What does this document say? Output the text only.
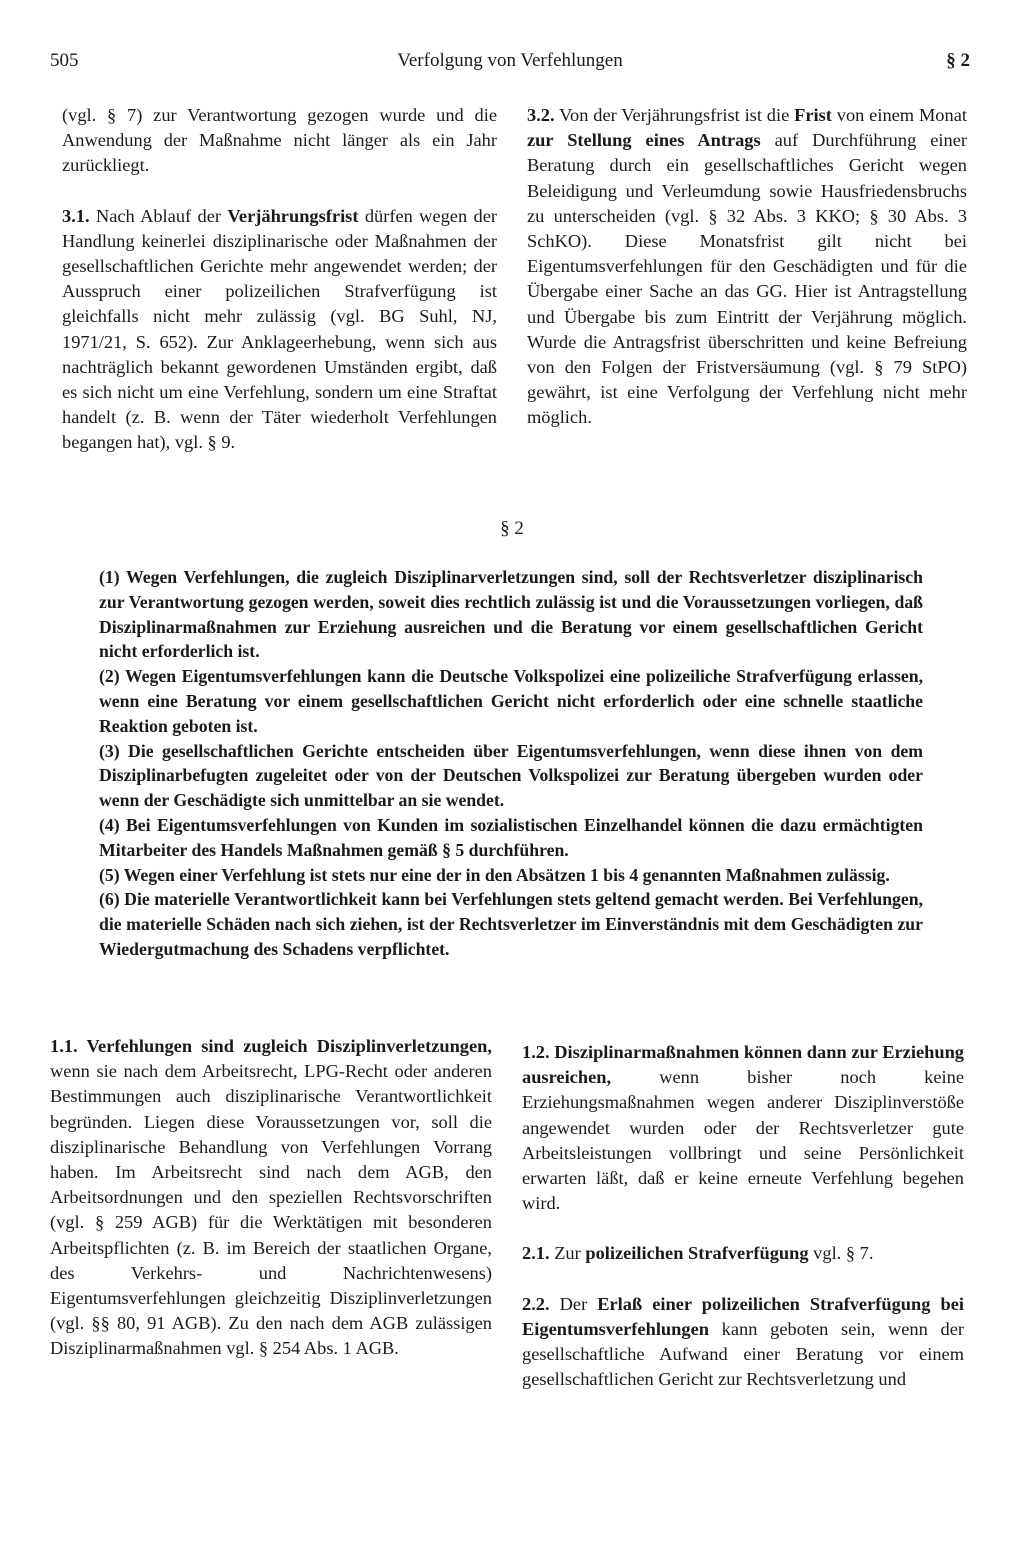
505	Verfolgung von Verfehlungen	§ 2

(vgl. § 7) zur Verantwortung gezogen wurde und die Anwendung der Maßnahme nicht länger als ein Jahr zurückliegt.

3.1. Nach Ablauf der Verjährungsfrist dürfen wegen der Handlung keinerlei disziplinarische oder Maßnahmen der gesellschaftlichen Gerichte mehr angewendet werden; der Ausspruch einer polizeilichen Strafverfügung ist gleichfalls nicht mehr zulässig (vgl. BG Suhl, NJ, 1971/21, S. 652). Zur Anklageerhebung, wenn sich aus nachträglich bekannt gewordenen Umständen ergibt, daß es sich nicht um eine Verfehlung, sondern um eine Straftat handelt (z. B. wenn der Täter wiederholt Verfehlungen begangen hat), vgl. § 9.

3.2. Von der Verjährungsfrist ist die Frist von einem Monat zur Stellung eines Antrags auf Durchführung einer Beratung durch ein gesellschaftliches Gericht wegen Beleidigung und Verleumdung sowie Hausfriedensbruchs zu unterscheiden (vgl. § 32 Abs. 3 KKO; § 30 Abs. 3 SchKO). Diese Monatsfrist gilt nicht bei Eigentumsverfehlungen für den Geschädigten und für die Übergabe einer Sache an das GG. Hier ist Antragstellung und Übergabe bis zum Eintritt der Verjährung möglich. Wurde die Antragsfrist überschritten und keine Befreiung von den Folgen der Fristversäumung (vgl. § 79 StPO) gewährt, ist eine Verfolgung der Verfehlung nicht mehr möglich.

§ 2

(1) Wegen Verfehlungen, die zugleich Disziplinarverletzungen sind, soll der Rechtsverletzer disziplinarisch zur Verantwortung gezogen werden, soweit dies rechtlich zulässig ist und die Voraussetzungen vorliegen, daß Disziplinarmaßnahmen zur Erziehung ausreichen und die Beratung vor einem gesellschaftlichen Gericht nicht erforderlich ist.

(2) Wegen Eigentumsverfehlungen kann die Deutsche Volkspolizei eine polizeiliche Strafverfügung erlassen, wenn eine Beratung vor einem gesellschaftlichen Gericht nicht erforderlich oder eine schnelle staatliche Reaktion geboten ist.

(3) Die gesellschaftlichen Gerichte entscheiden über Eigentumsverfehlungen, wenn diese ihnen von dem Disziplinarbefugten zugeleitet oder von der Deutschen Volkspolizei zur Beratung übergeben wurden oder wenn der Geschädigte sich unmittelbar an sie wendet.

(4) Bei Eigentumsverfehlungen von Kunden im sozialistischen Einzelhandel können die dazu ermächtigten Mitarbeiter des Handels Maßnahmen gemäß § 5 durchführen.

(5) Wegen einer Verfehlung ist stets nur eine der in den Absätzen 1 bis 4 genannten Maßnahmen zulässig.

(6) Die materielle Verantwortlichkeit kann bei Verfehlungen stets geltend gemacht werden. Bei Verfehlungen, die materielle Schäden nach sich ziehen, ist der Rechtsverletzer im Einverständnis mit dem Geschädigten zur Wiedergutmachung des Schadens verpflichtet.

1.1. Verfehlungen sind zugleich Disziplinverletzungen, wenn sie nach dem Arbeitsrecht, LPG-Recht oder anderen Bestimmungen auch disziplinarische Verantwortlichkeit begründen. Liegen diese Voraussetzungen vor, soll die disziplinarische Behandlung von Verfehlungen Vorrang haben. Im Arbeitsrecht sind nach dem AGB, den Arbeitsordnungen und den speziellen Rechtsvorschriften (vgl. § 259 AGB) für die Werktätigen mit besonderen Arbeitspflichten (z. B. im Bereich der staatlichen Organe, des Verkehrs- und Nachrichtenwesens) Eigentumsverfehlungen gleichzeitig Disziplinverletzungen (vgl. §§ 80, 91 AGB). Zu den nach dem AGB zulässigen Disziplinarmaßnahmen vgl. § 254 Abs. 1 AGB.

1.2. Disziplinarmaßnahmen können dann zur Erziehung ausreichen, wenn bisher noch keine Erziehungsmaßnahmen wegen anderer Disziplinverstöße angewendet wurden oder der Rechtsverletzer gute Arbeitsleistungen vollbringt und seine Persönlichkeit erwarten läßt, daß er keine erneute Verfehlung begehen wird.

2.1. Zur polizeilichen Strafverfügung vgl. § 7.

2.2. Der Erlaß einer polizeilichen Strafverfügung bei Eigentumsverfehlungen kann geboten sein, wenn der gesellschaftliche Aufwand einer Beratung vor einem gesellschaftlichen Gericht zur Rechtsverletzung und
